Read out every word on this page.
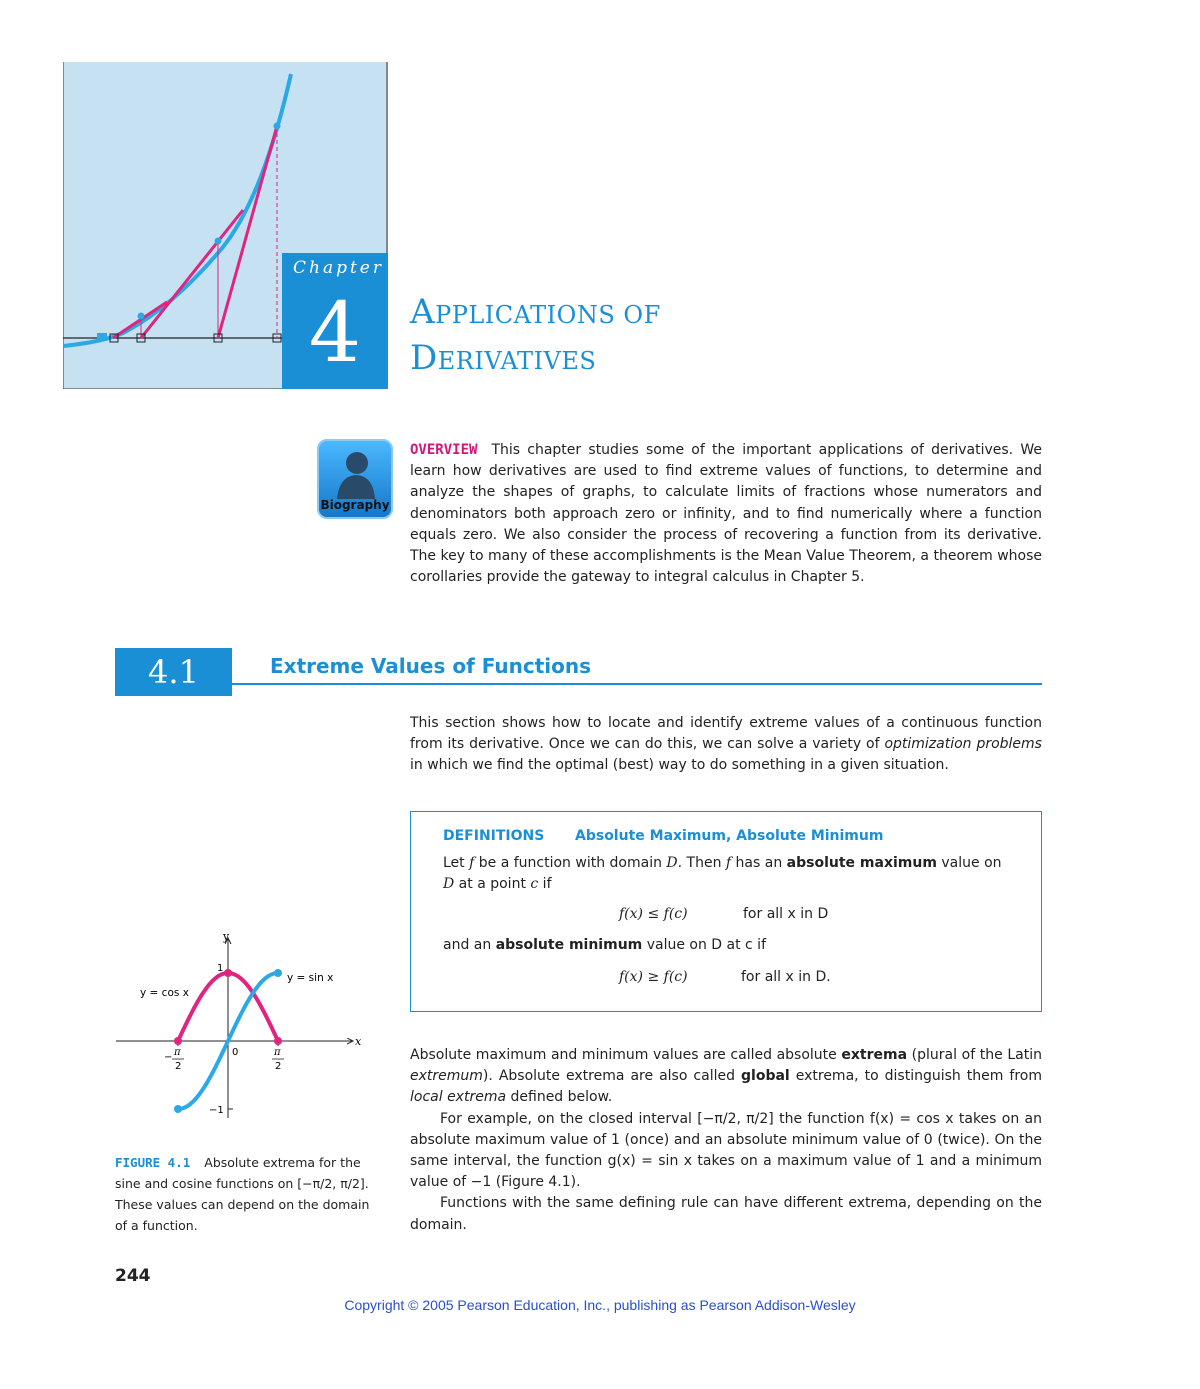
Chapter
4	APPLICATIONS OF
DERIVATIVES
Biography
OVERVIEW This chapter studies some of the important applications of derivatives. We learn how derivatives are used to find extreme values of functions, to determine and analyze the shapes of graphs, to calculate limits of fractions whose numerators and denominators both approach zero or infinity, and to find numerically where a function equals zero. We also consider the process of recovering a function from its derivative. The key to many of these accomplishments is the Mean Value Theorem, a theorem whose corollaries provide the gateway to integral calculus in Chapter 5.
4.1	Extreme Values of Functions
This section shows how to locate and identify extreme values of a continuous function from its derivative. Once we can do this, we can solve a variety of optimization problems in which we find the optimal (best) way to do something in a given situation.
DEFINITIONS Absolute Maximum, Absolute Minimum
Let f be a function with domain D. Then f has an absolute maximum value on
D at a point c if
f(x) ≤ f(c)	for all x in D
and an absolute minimum value on D at c if
f(x) ≥ f(c)	for all x in D.
y
x
1
−1
0
− π
2
π
2
y = cos x
y = sin x
FIGURE 4.1 Absolute extrema for the sine and cosine functions on [−π/2, π/2]. These values can depend on the domain of a function.

Absolute maximum and minimum values are called absolute extrema (plural of the Latin extremum). Absolute extrema are also called global extrema, to distinguish them from local extrema defined below.

For example, on the closed interval [−π/2, π/2] the function f(x) = cos x takes on an absolute maximum value of 1 (once) and an absolute minimum value of 0 (twice). On the same interval, the function g(x) = sin x takes on a maximum value of 1 and a minimum value of −1 (Figure 4.1).

Functions with the same defining rule can have different extrema, depending on the domain.

244
Copyright © 2005 Pearson Education, Inc., publishing as Pearson Addison-Wesley
